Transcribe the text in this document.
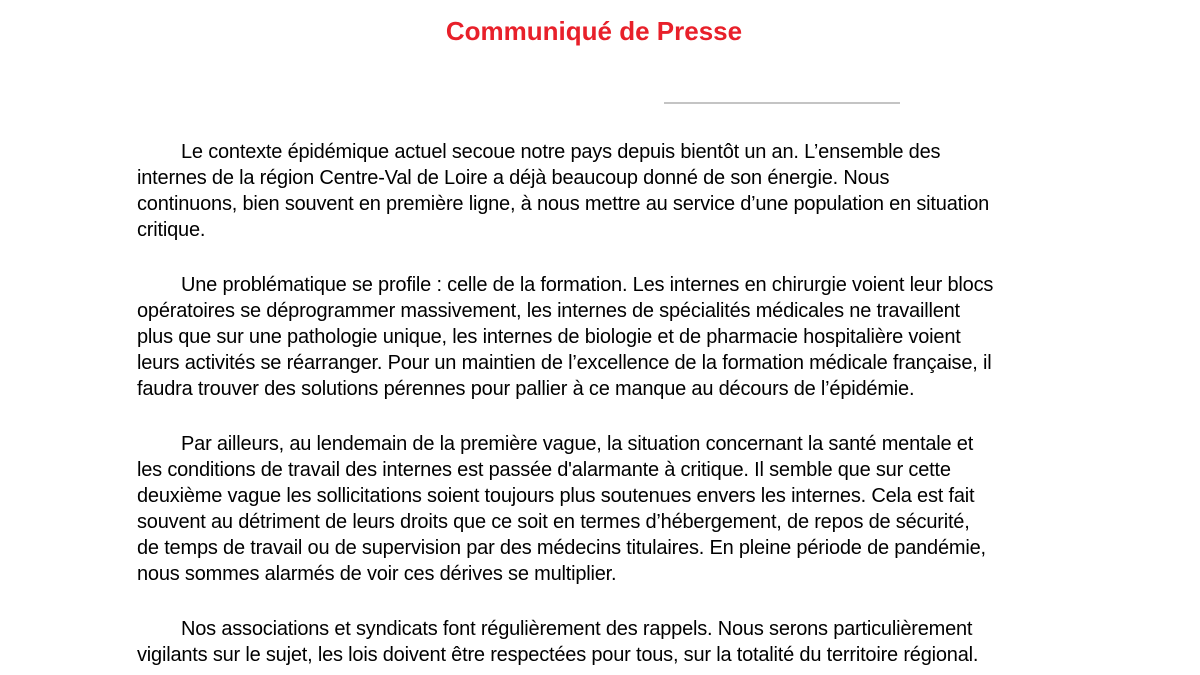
Communiqué de Presse

Le contexte épidémique actuel secoue notre pays depuis bientôt un an. L’ensemble des
internes de la région Centre-Val de Loire a déjà beaucoup donné de son énergie. Nous
continuons, bien souvent en première ligne, à nous mettre au service d’une population en situation
critique.

Une problématique se profile : celle de la formation. Les internes en chirurgie voient leur blocs
opératoires se déprogrammer massivement, les internes de spécialités médicales ne travaillent
plus que sur une pathologie unique, les internes de biologie et de pharmacie hospitalière voient
leurs activités se réarranger. Pour un maintien de l’excellence de la formation médicale française, il
faudra trouver des solutions pérennes pour pallier à ce manque au décours de l’épidémie.

Par ailleurs, au lendemain de la première vague, la situation concernant la santé mentale et
les conditions de travail des internes est passée d'alarmante à critique. Il semble que sur cette
deuxième vague les sollicitations soient toujours plus soutenues envers les internes. Cela est fait
souvent au détriment de leurs droits que ce soit en termes d’hébergement, de repos de sécurité,
de temps de travail ou de supervision par des médecins titulaires. En pleine période de pandémie,
nous sommes alarmés de voir ces dérives se multiplier.

Nos associations et syndicats font régulièrement des rappels. Nous serons particulièrement
vigilants sur le sujet, les lois doivent être respectées pour tous, sur la totalité du territoire régional.
